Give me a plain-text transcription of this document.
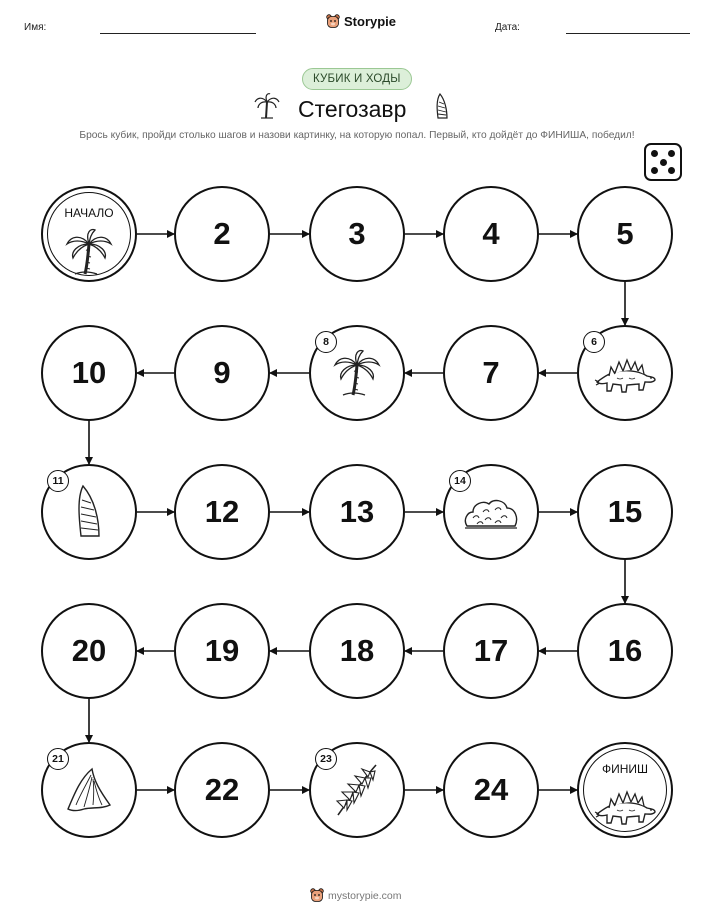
Имя:	Storypie	Дата:
КУБИК И ХОДЫ
Стегозавр
Брось кубик, пройди столько шагов и назови картинку, на которую попал. Первый, кто дойдёт до ФИНИША, победил!
НАЧАЛО
2	3	4	5
6
7
8
9
10
11
12	13
14
15
16
17
18
19
20
21
22
23
24
ФИНИШ
mystorypie.com
